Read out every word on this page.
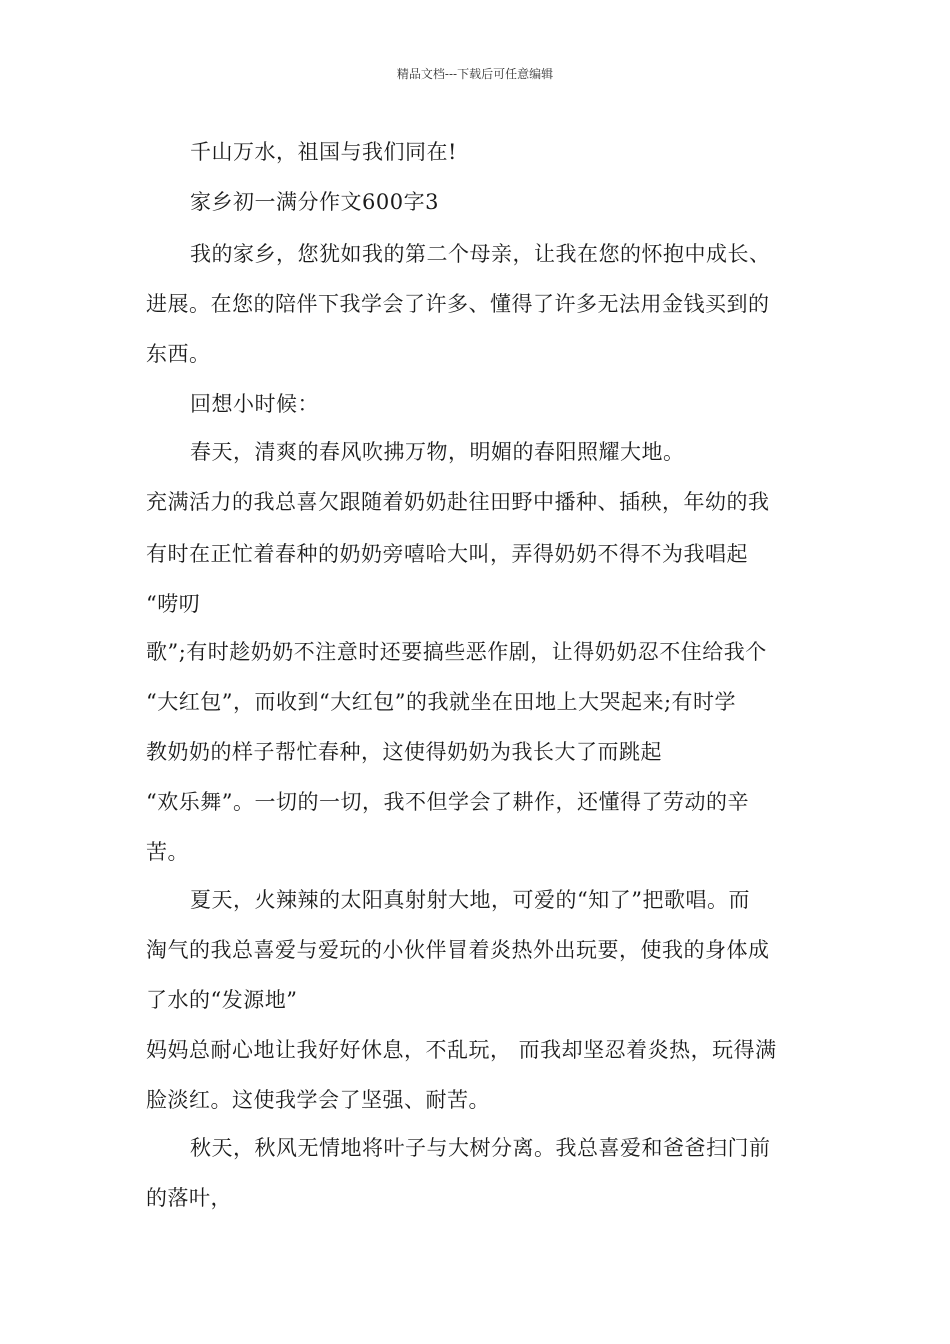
精品文档---下载后可任意编辑
千山万水，祖国与我们同在!
家乡初一满分作文600字3
我的家乡，您犹如我的第二个母亲，让我在您的怀抱中成长、
进展。在您的陪伴下我学会了许多、懂得了许多无法用金钱买到的
东西。
回想小时候：
春天，清爽的春风吹拂万物，明媚的春阳照耀大地。
充满活力的我总喜欠跟随着奶奶赴往田野中播种、插秧，年幼的我
有时在正忙着春种的奶奶旁嘻哈大叫，弄得奶奶不得不为我唱起
“唠叨
歌”;有时趁奶奶不注意时还要搞些恶作剧，让得奶奶忍不住给我个
“大红包”，而收到“大红包”的我就坐在田地上大哭起来;有时学
教奶奶的样子帮忙春种，这使得奶奶为我长大了而跳起
“欢乐舞”。一切的一切，我不但学会了耕作，还懂得了劳动的辛
苦。
夏天，火辣辣的太阳真射射大地，可爱的“知了”把歌唱。而
淘气的我总喜爱与爱玩的小伙伴冒着炎热外出玩要，使我的身体成
了水的“发源地”
妈妈总耐心地让我好好休息，不乱玩， 而我却坚忍着炎热，玩得满
脸淡红。这使我学会了坚强、耐苦。
秋天，秋风无情地将叶子与大树分离。我总喜爱和爸爸扫门前
的落叶，
